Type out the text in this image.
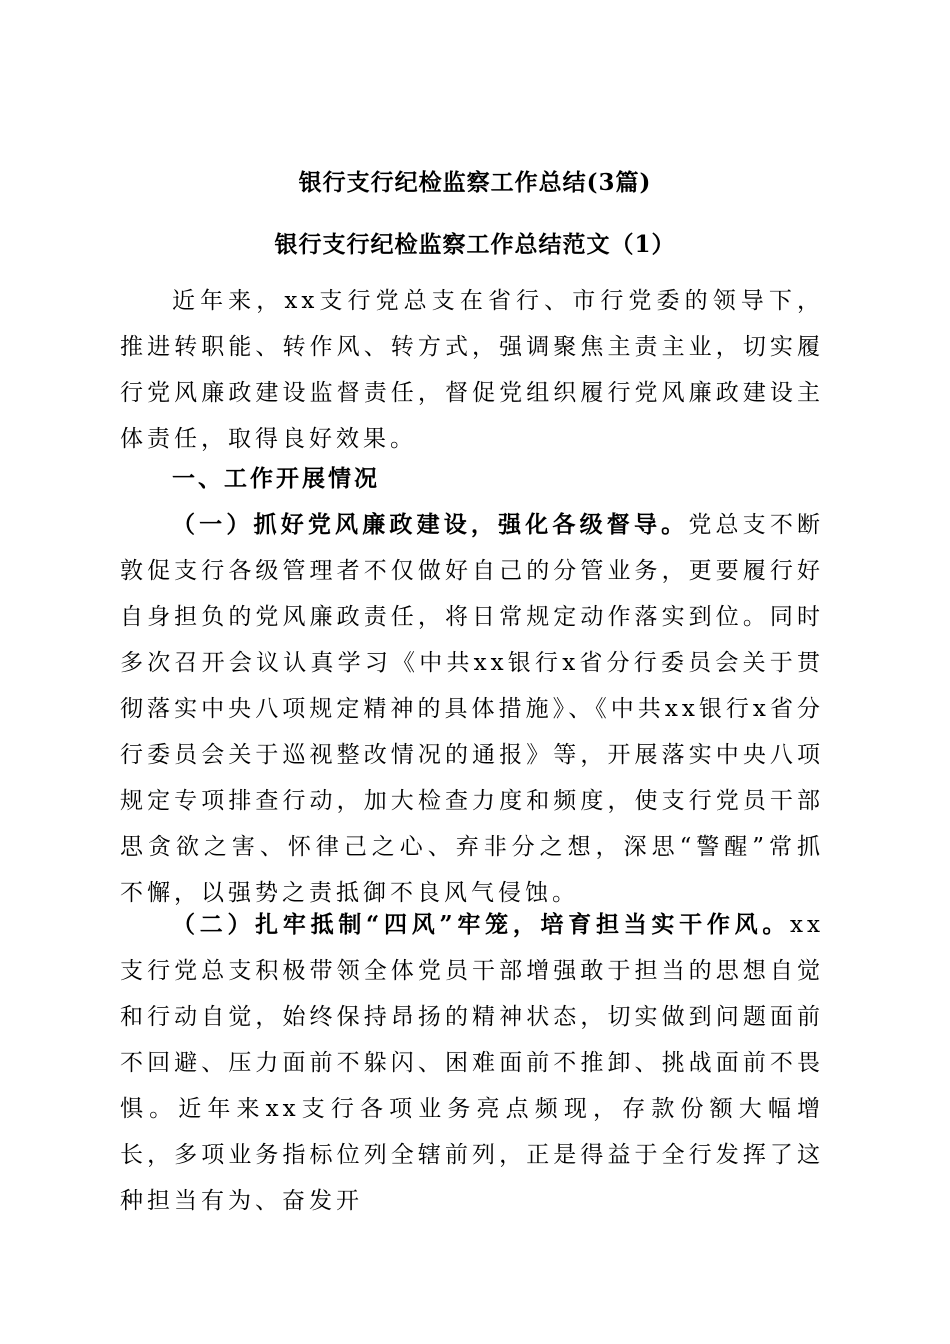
银行支行纪检监察工作总结(3篇)
银行支行纪检监察工作总结范文（1）

近年来，xx支行党总支在省行、市行党委的领导下，推进转职能、转作风、转方式，强调聚焦主责主业，切实履行党风廉政建设监督责任，督促党组织履行党风廉政建设主体责任，取得良好效果。

一、工作开展情况

（一）抓好党风廉政建设，强化各级督导。党总支不断敦促支行各级管理者不仅做好自己的分管业务，更要履行好自身担负的党风廉政责任，将日常规定动作落实到位。同时多次召开会议认真学习《中共xx银行x省分行委员会关于贯彻落实中央八项规定精神的具体措施》、《中共xx银行x省分行委员会关于巡视整改情况的通报》等，开展落实中央八项规定专项排查行动，加大检查力度和频度，使支行党员干部思贪欲之害、怀律己之心、弃非分之想，深思“警醒”常抓不懈，以强势之责抵御不良风气侵蚀。

（二）扎牢抵制“四风”牢笼，培育担当实干作风。xx支行党总支积极带领全体党员干部增强敢于担当的思想自觉和行动自觉，始终保持昂扬的精神状态，切实做到问题面前不回避、压力面前不躲闪、困难面前不推卸、挑战面前不畏惧。近年来xx支行各项业务亮点频现，存款份额大幅增长，多项业务指标位列全辖前列，正是得益于全行发挥了这种担当有为、奋发开
